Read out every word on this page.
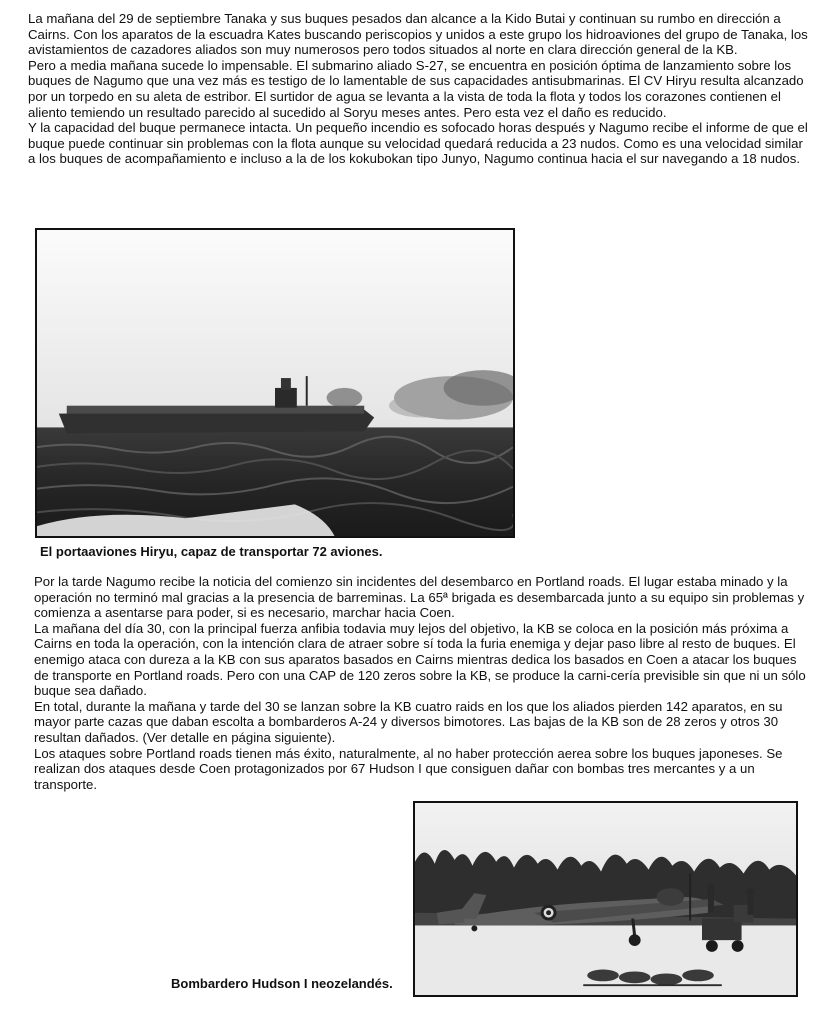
La mañana del 29 de septiembre Tanaka y sus buques pesados dan alcance a la Kido Butai y continuan su rumbo en dirección a Cairns. Con los aparatos de la escuadra Kates buscando periscopios y unidos a este grupo los hidroaviones del grupo de Tanaka, los avistamientos de cazadores aliados son muy numerosos pero todos situados al norte en clara dirección general de la KB.

Pero a media mañana sucede lo impensable. El submarino aliado S-27, se encuentra en posición óptima de lanzamiento sobre los buques de Nagumo que una vez más es testigo de lo lamentable de sus capacidades antisubmarinas. El CV Hiryu resulta alcanzado por un torpedo en su aleta de estribor. El surtidor de agua se levanta a la vista de toda la flota y todos los corazones contienen el aliento temiendo un resultado parecido al sucedido al Soryu meses antes. Pero esta vez el daño es reducido.

Y la capacidad del buque permanece intacta. Un pequeño incendio es sofocado horas después y Nagumo recibe el informe de que el buque puede continuar sin problemas con la flota aunque su velocidad quedará reducida a 23 nudos. Como es una velocidad similar a los buques de acompañamiento e incluso a la de los kokubokan tipo Junyo, Nagumo continua hacia el sur navegando a 18 nudos.

El portaaviones Hiryu, capaz de transportar 72 aviones.

Por la tarde Nagumo recibe la noticia del comienzo sin incidentes del desembarco en Portland roads. El lugar estaba minado y la operación no terminó mal gracias a la presencia de barreminas. La 65ª brigada es desembarcada junto a su equipo sin problemas y comienza a asentarse para poder, si es necesario, marchar hacia Coen.

La mañana del día 30, con la principal fuerza anfibia todavia muy lejos del objetivo, la KB se coloca en la posición más próxima a Cairns en toda la operación, con la intención clara de atraer sobre sí toda la furia enemiga y dejar paso libre al resto de buques. El enemigo ataca con dureza a la KB con sus aparatos basados en Cairns mientras dedica los basados en Coen a atacar los buques de transporte en Portland roads. Pero con una CAP de 120 zeros sobre la KB, se produce la carni-cería previsible sin que ni un sólo buque sea dañado.

En total, durante la mañana y tarde del 30 se lanzan sobre la KB cuatro raids en los que los aliados pierden 142 aparatos, en su mayor parte cazas que daban escolta a bombarderos A-24 y diversos bimotores. Las bajas de la KB son de 28 zeros y otros 30 resultan dañados. (Ver detalle en página siguiente).

Los ataques sobre Portland roads tienen más éxito, naturalmente, al no haber protección aerea sobre los buques japoneses. Se realizan dos ataques desde Coen protagonizados por 67 Hudson I que consiguen dañar con bombas tres mercantes y a un transporte.

Bombardero Hudson I neozelandés.
